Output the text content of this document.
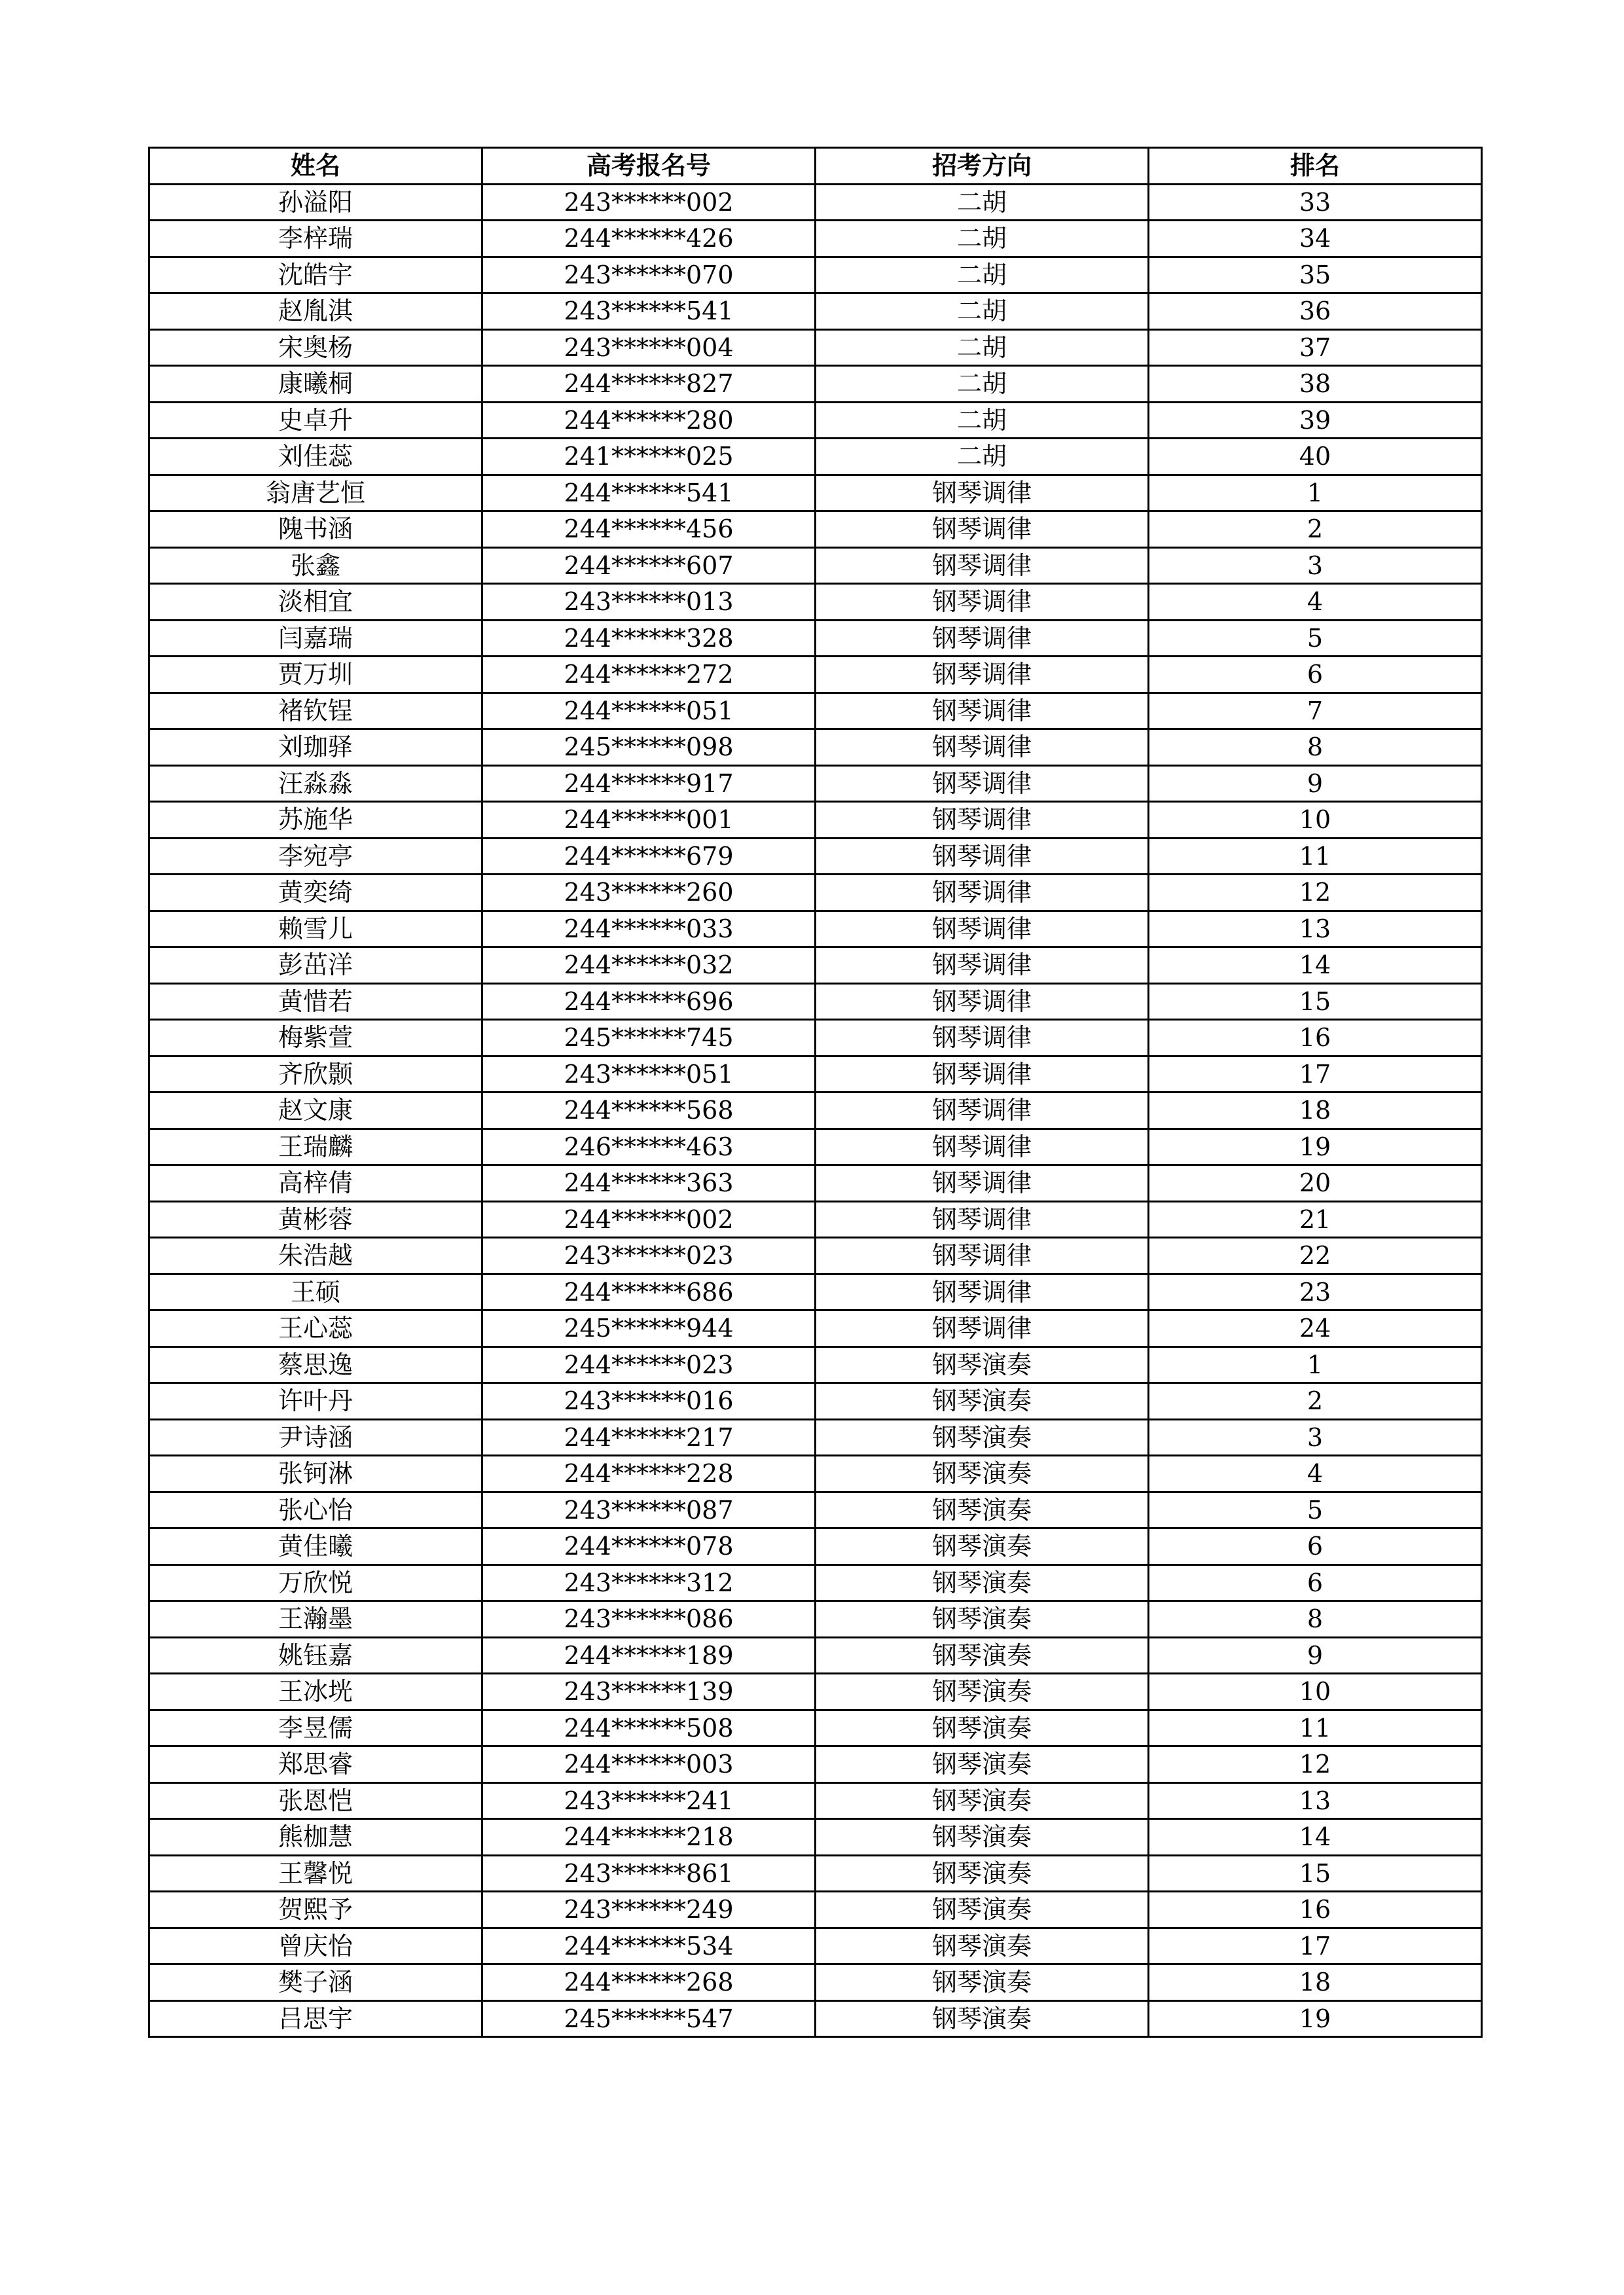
姓名	高考报名号	招考方向	排名
孙溢阳	243******002	二胡	33
李梓瑞	244******426	二胡	34
沈皓宇	243******070	二胡	35
赵胤淇	243******541	二胡	36
宋奥杨	243******004	二胡	37
康曦桐	244******827	二胡	38
史卓升	244******280	二胡	39
刘佳蕊	241******025	二胡	40
翁唐艺恒	244******541	钢琴调律	1
隗书涵	244******456	钢琴调律	2
张鑫	244******607	钢琴调律	3
淡相宜	243******013	钢琴调律	4
闫嘉瑞	244******328	钢琴调律	5
贾万圳	244******272	钢琴调律	6
褚钦锃	244******051	钢琴调律	7
刘珈驿	245******098	钢琴调律	8
汪淼淼	244******917	钢琴调律	9
苏施华	244******001	钢琴调律	10
李宛亭	244******679	钢琴调律	11
黄奕绮	243******260	钢琴调律	12
赖雪儿	244******033	钢琴调律	13
彭茁洋	244******032	钢琴调律	14
黄惜若	244******696	钢琴调律	15
梅紫萱	245******745	钢琴调律	16
齐欣颢	243******051	钢琴调律	17
赵文康	244******568	钢琴调律	18
王瑞麟	246******463	钢琴调律	19
高梓倩	244******363	钢琴调律	20
黄彬蓉	244******002	钢琴调律	21
朱浩越	243******023	钢琴调律	22
王硕	244******686	钢琴调律	23
王心蕊	245******944	钢琴调律	24
蔡思逸	244******023	钢琴演奏	1
许叶丹	243******016	钢琴演奏	2
尹诗涵	244******217	钢琴演奏	3
张钶淋	244******228	钢琴演奏	4
张心怡	243******087	钢琴演奏	5
黄佳曦	244******078	钢琴演奏	6
万欣悦	243******312	钢琴演奏	6
王瀚墨	243******086	钢琴演奏	8
姚钰嘉	244******189	钢琴演奏	9
王冰垙	243******139	钢琴演奏	10
李昱儒	244******508	钢琴演奏	11
郑思睿	244******003	钢琴演奏	12
张恩恺	243******241	钢琴演奏	13
熊枷慧	244******218	钢琴演奏	14
王馨悦	243******861	钢琴演奏	15
贺熙予	243******249	钢琴演奏	16
曾庆怡	244******534	钢琴演奏	17
樊子涵	244******268	钢琴演奏	18
吕思宇	245******547	钢琴演奏	19
